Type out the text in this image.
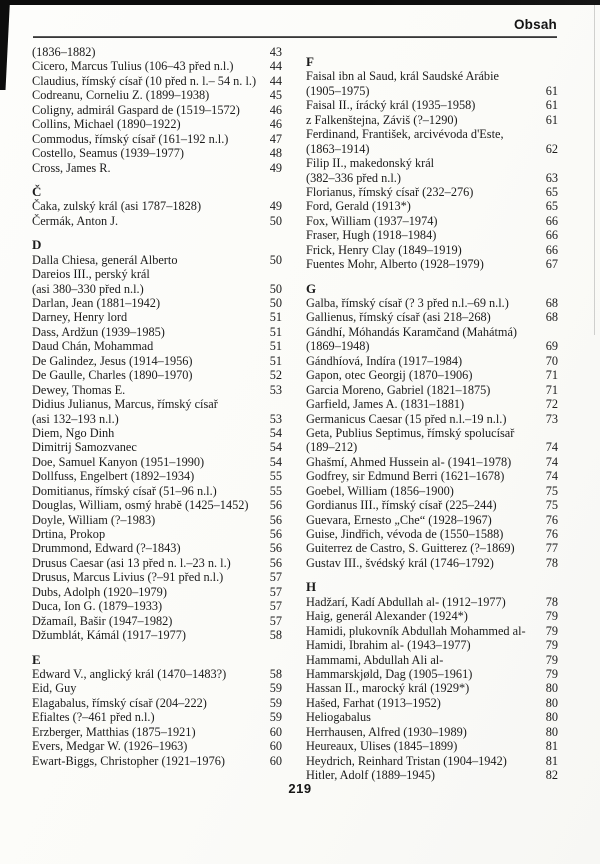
Obsah
(1836–1882)	43
Cicero, Marcus Tulius (106–43 před n.l.)	44
Claudius, římský císař (10 před n. l.– 54 n. l.) 44
Codreanu, Corneliu Z. (1899–1938)	45
Coligny, admirál Gaspard de (1519–1572) 46
Collins, Michael (1890–1922)	46
Commodus, římský císař (161–192 n.l.)	47
Costello, Seamus (1939–1977)	48
Cross, James R.	49
Č
Čaka, zulský král (asi 1787–1828)	49
Čermák, Anton J.	50
D
Dalla Chiesa, generál Alberto	50
Dareios III., perský král
(asi 380–330 před n.l.)	50
Darlan, Jean (1881–1942)	50
Darney, Henry lord	51
Dass, Ardžun (1939–1985)	51
Daud Chán, Mohammad	51
De Galindez, Jesus (1914–1956)	51
De Gaulle, Charles (1890–1970)	52
Dewey, Thomas E.	53
Didius Julianus, Marcus, římský císař
(asi 132–193 n.l.)	53
Diem, Ngo Dinh	54
Dimitrij Samozvanec	54
Doe, Samuel Kanyon (1951–1990)	54
Dollfuss, Engelbert (1892–1934)	55
Domitianus, římský císař (51–96 n.l.)	55
Douglas, William, osmý hrabě (1425–1452) 56
Doyle, William (?–1983)	56
Drtina, Prokop	56
Drummond, Edward (?–1843)	56
Drusus Caesar (asi 13 před n. l.–23 n. l.)	56
Drusus, Marcus Livius (?–91 před n.l.)	57
Dubs, Adolph (1920–1979)	57
Duca, Ion G. (1879–1933)	57
Džamaíl, Bašir (1947–1982)	57
Džumblát, Kámál (1917–1977)	58
E
Edward V., anglický král (1470–1483?)	58
Eid, Guy	59
Elagabalus, římský císař (204–222)	59
Efialtes (?–461 před n.l.)	59
Erzberger, Matthias (1875–1921)	60
Evers, Medgar W. (1926–1963)	60
Ewart-Biggs, Christopher (1921–1976)	60
F
Faisal ibn al Saud, král Saudské Arábie
(1905–1975)	61
Faisal II., írácký král (1935–1958)	61
z Falkenštejna, Záviš (?–1290)	61
Ferdinand, František, arcivévoda d'Este,
(1863–1914)	62
Filip II., makedonský král
(382–336 před n.l.)	63
Florianus, římský císař (232–276)	65
Ford, Gerald (1913*)	65
Fox, William (1937–1974)	66
Fraser, Hugh (1918–1984)	66
Frick, Henry Clay (1849–1919)	66
Fuentes Mohr, Alberto (1928–1979)	67
G
Galba, římský císař (? 3 před n.l.–69 n.l.)	68
Gallienus, římský císař (asi 218–268)	68
Gándhí, Móhandás Karamčand (Mahátmá)
(1869–1948)	69
Gándhíová, Indíra (1917–1984)	70
Gapon, otec Georgij (1870–1906)	71
Garcia Moreno, Gabriel (1821–1875)	71
Garfield, James A. (1831–1881)	72
Germanicus Caesar (15 před n.l.–19 n.l.)	73
Geta, Publius Septimus, římský spolucísař
(189–212)	74
Ghašmí, Ahmed Hussein al- (1941–1978)	74
Godfrey, sir Edmund Berri (1621–1678)	74
Goebel, William (1856–1900)	75
Gordianus III., římský císař (225–244)	75
Guevara, Ernesto „Che“ (1928–1967)	76
Guise, Jindřich, vévoda de (1550–1588)	76
Guiterrez de Castro, S. Guitterez (?–1869)	77
Gustav III., švédský král (1746–1792)	78
H
Hadžarí, Kadí Abdullah al- (1912–1977)	78
Haig, generál Alexander (1924*)	79
Hamidi, plukovník Abdullah Mohammed al- 79
Hamidi, Ibrahim al- (1943–1977)	79
Hammami, Abdullah Ali al-	79
Hammarskjøld, Dag (1905–1961)	79
Hassan II., marocký král (1929*)	80
Hašed, Farhat (1913–1952)	80
Heliogabalus	80
Herrhausen, Alfred (1930–1989)	80
Heureaux, Ulises (1845–1899)	81
Heydrich, Reinhard Tristan (1904–1942)	81
Hitler, Adolf (1889–1945)	82
219
